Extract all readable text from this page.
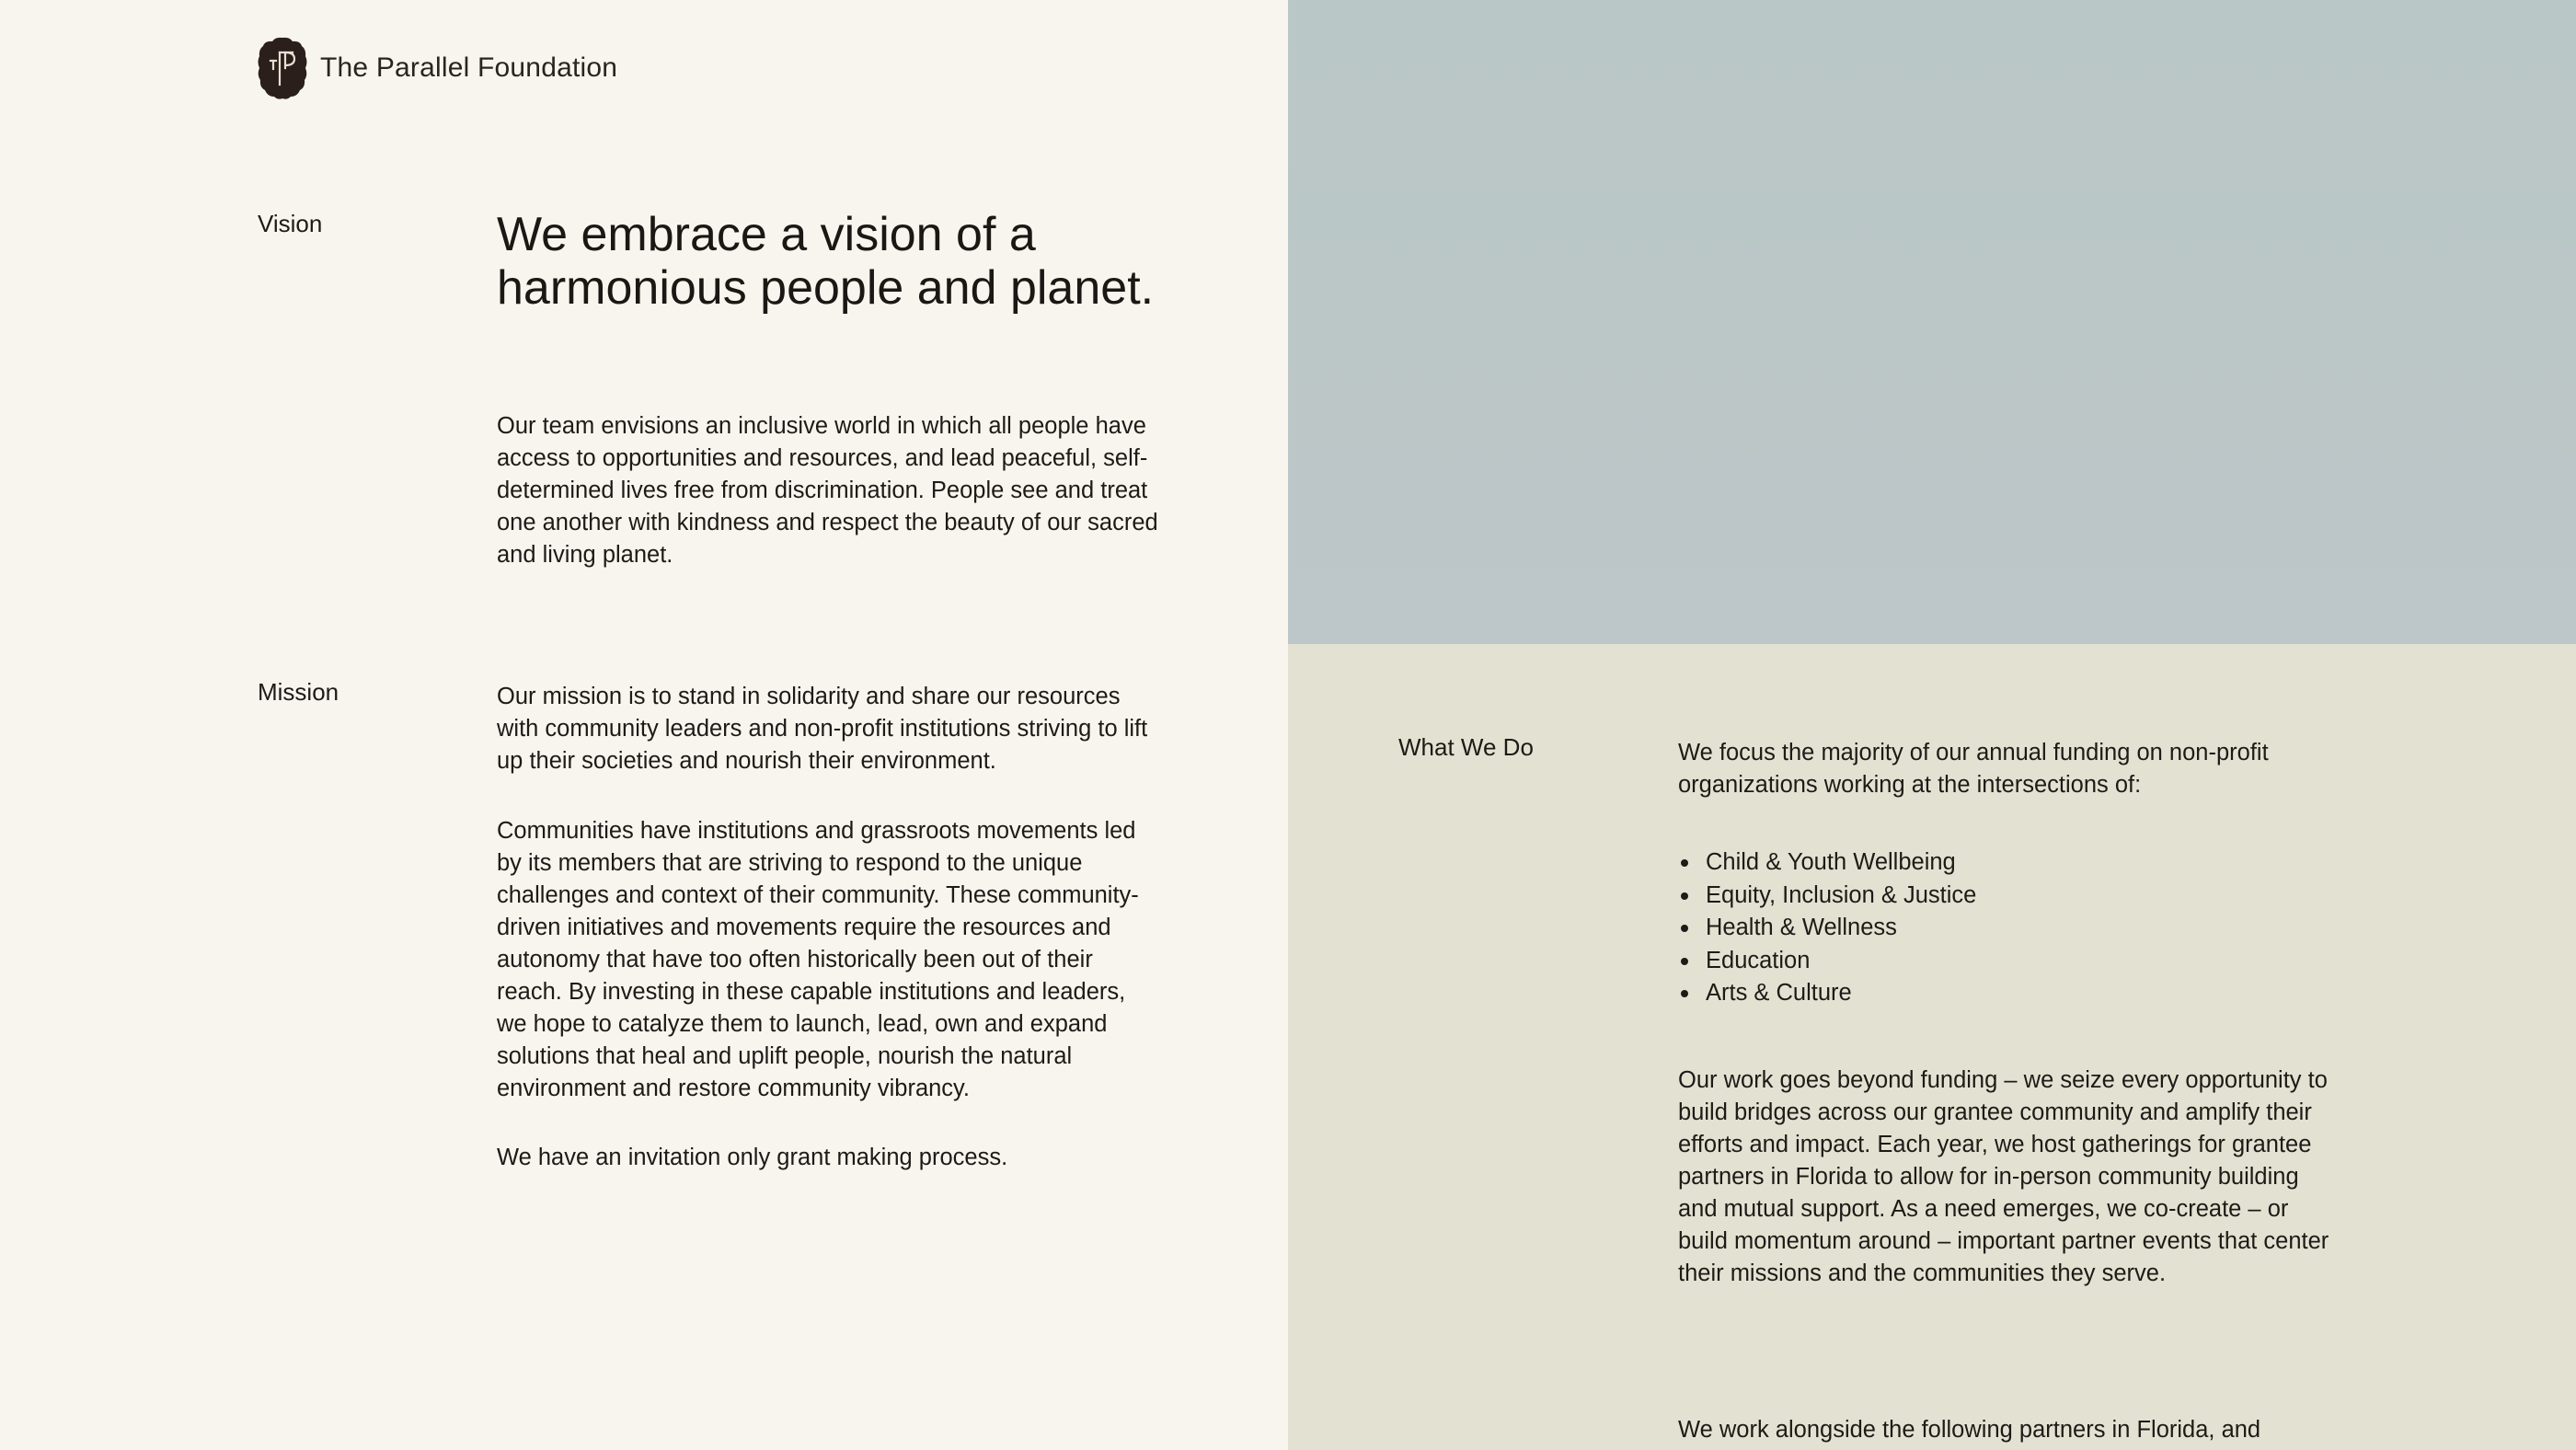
The Parallel Foundation
Vision	We embrace a vision of a harmonious people and planet.

Our team envisions an inclusive world in which all people have access to opportunities and resources, and lead peaceful, self-determined lives free from discrimination. People see and treat one another with kindness and respect the beauty of our sacred and living planet.

Mission	Our mission is to stand in solidarity and share our resources with community leaders and non-profit institutions striving to lift up their societies and nourish their environment.

Communities have institutions and grassroots movements led by its members that are striving to respond to the unique challenges and context of their community. These community-driven initiatives and movements require the resources and autonomy that have too often historically been out of their reach. By investing in these capable institutions and leaders, we hope to catalyze them to launch, lead, own and expand solutions that heal and uplift people, nourish the natural environment and restore community vibrancy.

We have an invitation only grant making process.

What We Do	We focus the majority of our annual funding on non-profit organizations working at the intersections of:

Child & Youth Wellbeing
Equity, Inclusion & Justice
Health & Wellness
Education
Arts & Culture

Our work goes beyond funding – we seize every opportunity to build bridges across our grantee community and amplify their efforts and impact. Each year, we host gatherings for grantee partners in Florida to allow for in-person community building and mutual support. As a need emerges, we co-create – or build momentum around – important partner events that center their missions and the communities they serve.

We work alongside the following partners in Florida, and
